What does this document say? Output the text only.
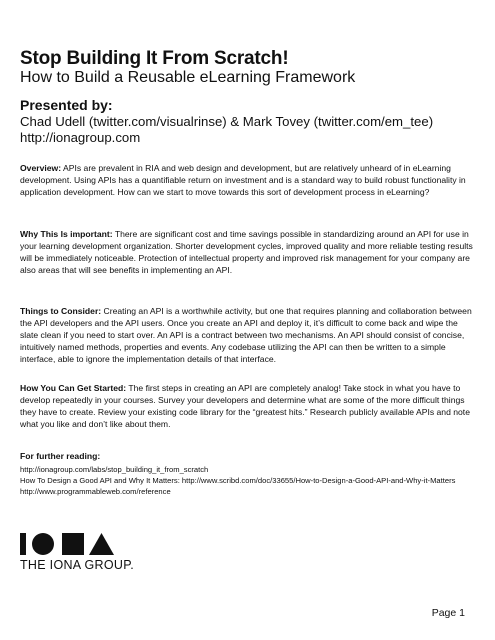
Stop Building It From Scratch!
How to Build a Reusable eLearning Framework
Presented by:
Chad Udell (twitter.com/visualrinse) & Mark Tovey (twitter.com/em_tee)
http://ionagroup.com
Overview: APIs are prevalent in RIA and web design and development, but are relatively unheard of in eLearning development. Using APIs has a quantifiable return on investment and is a standard way to build robust functionality in application development. How can we start to move towards this sort of development process in eLearning?
Why This Is important: There are significant cost and time savings possible in standardizing around an API for use in your learning development organization. Shorter development cycles, improved quality and more reliable testing results will be immediately noticeable. Protection of intellectual property and improved risk management for your company are also areas that will see benefits in implementing an API.
Things to Consider: Creating an API is a worthwhile activity, but one that requires planning and collaboration between the API developers and the API users. Once you create an API and deploy it, it’s difficult to come back and wipe the slate clean if you need to start over. An API is a contract between two mechanisms. An API should consist of concise, intuitively named methods, properties and events. Any codebase utilizing the API can then be written to a simple interface, able to ignore the implementation details of that interface.
How You Can Get Started: The first steps in creating an API are completely analog! Take stock in what you have to develop repeatedly in your courses. Survey your developers and determine what are some of the more difficult things they have to create. Review your existing code library for the “greatest hits.” Research publicly available APIs and note what you like and don’t like about them.
For further reading:
http://ionagroup.com/labs/stop_building_it_from_scratch
How To Design a Good API and Why It Matters: http://www.scribd.com/doc/33655/How-to-Design-a-Good-API-and-Why-it-Matters
http://www.programmableweb.com/reference
THE IONA GROUP.
Page 1
